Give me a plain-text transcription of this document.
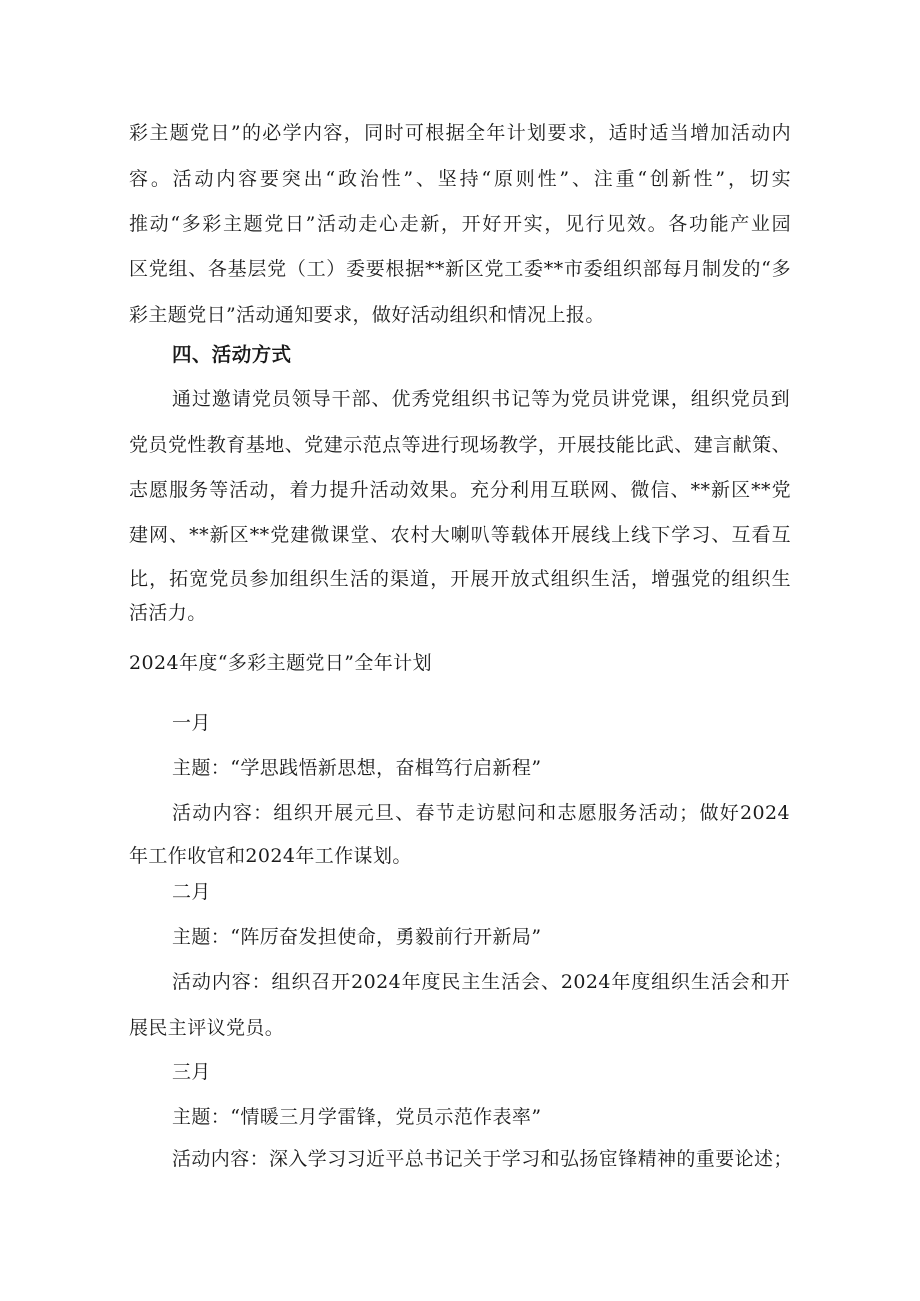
彩主题党日”的必学内容，同时可根据全年计划要求，适时适当增加活动内
容。活动内容要突出“政治性”、坚持“原则性”、注重“创新性”，切实
推动“多彩主题党日”活动走心走新，开好开实，见行见效。各功能产业园
区党组、各基层党（工）委要根据**新区党工委**市委组织部每月制发的“多
彩主题党日”活动通知要求，做好活动组织和情况上报。
四、活动方式
通过邀请党员领导干部、优秀党组织书记等为党员讲党课，组织党员到
党员党性教育基地、党建示范点等进行现场教学，开展技能比武、建言献策、
志愿服务等活动，着力提升活动效果。充分利用互联网、微信、**新区**党
建网、**新区**党建微课堂、农村大喇叭等载体开展线上线下学习、互看互
比，拓宽党员参加组织生活的渠道，开展开放式组织生活，增强党的组织生
活活力。
2024年度“多彩主题党日”全年计划
一月
主题：“学思践悟新思想，奋楫笃行启新程”
活动内容：组织开展元旦、春节走访慰问和志愿服务活动；做好2024
年工作收官和2024年工作谋划。
二月
主题：“阵厉奋发担使命，勇毅前行开新局”
活动内容：组织召开2024年度民主生活会、2024年度组织生活会和开
展民主评议党员。
三月
主题：“情暖三月学雷锋，党员示范作表率”
活动内容：深入学习习近平总书记关于学习和弘扬宦锋精神的重要论述；
